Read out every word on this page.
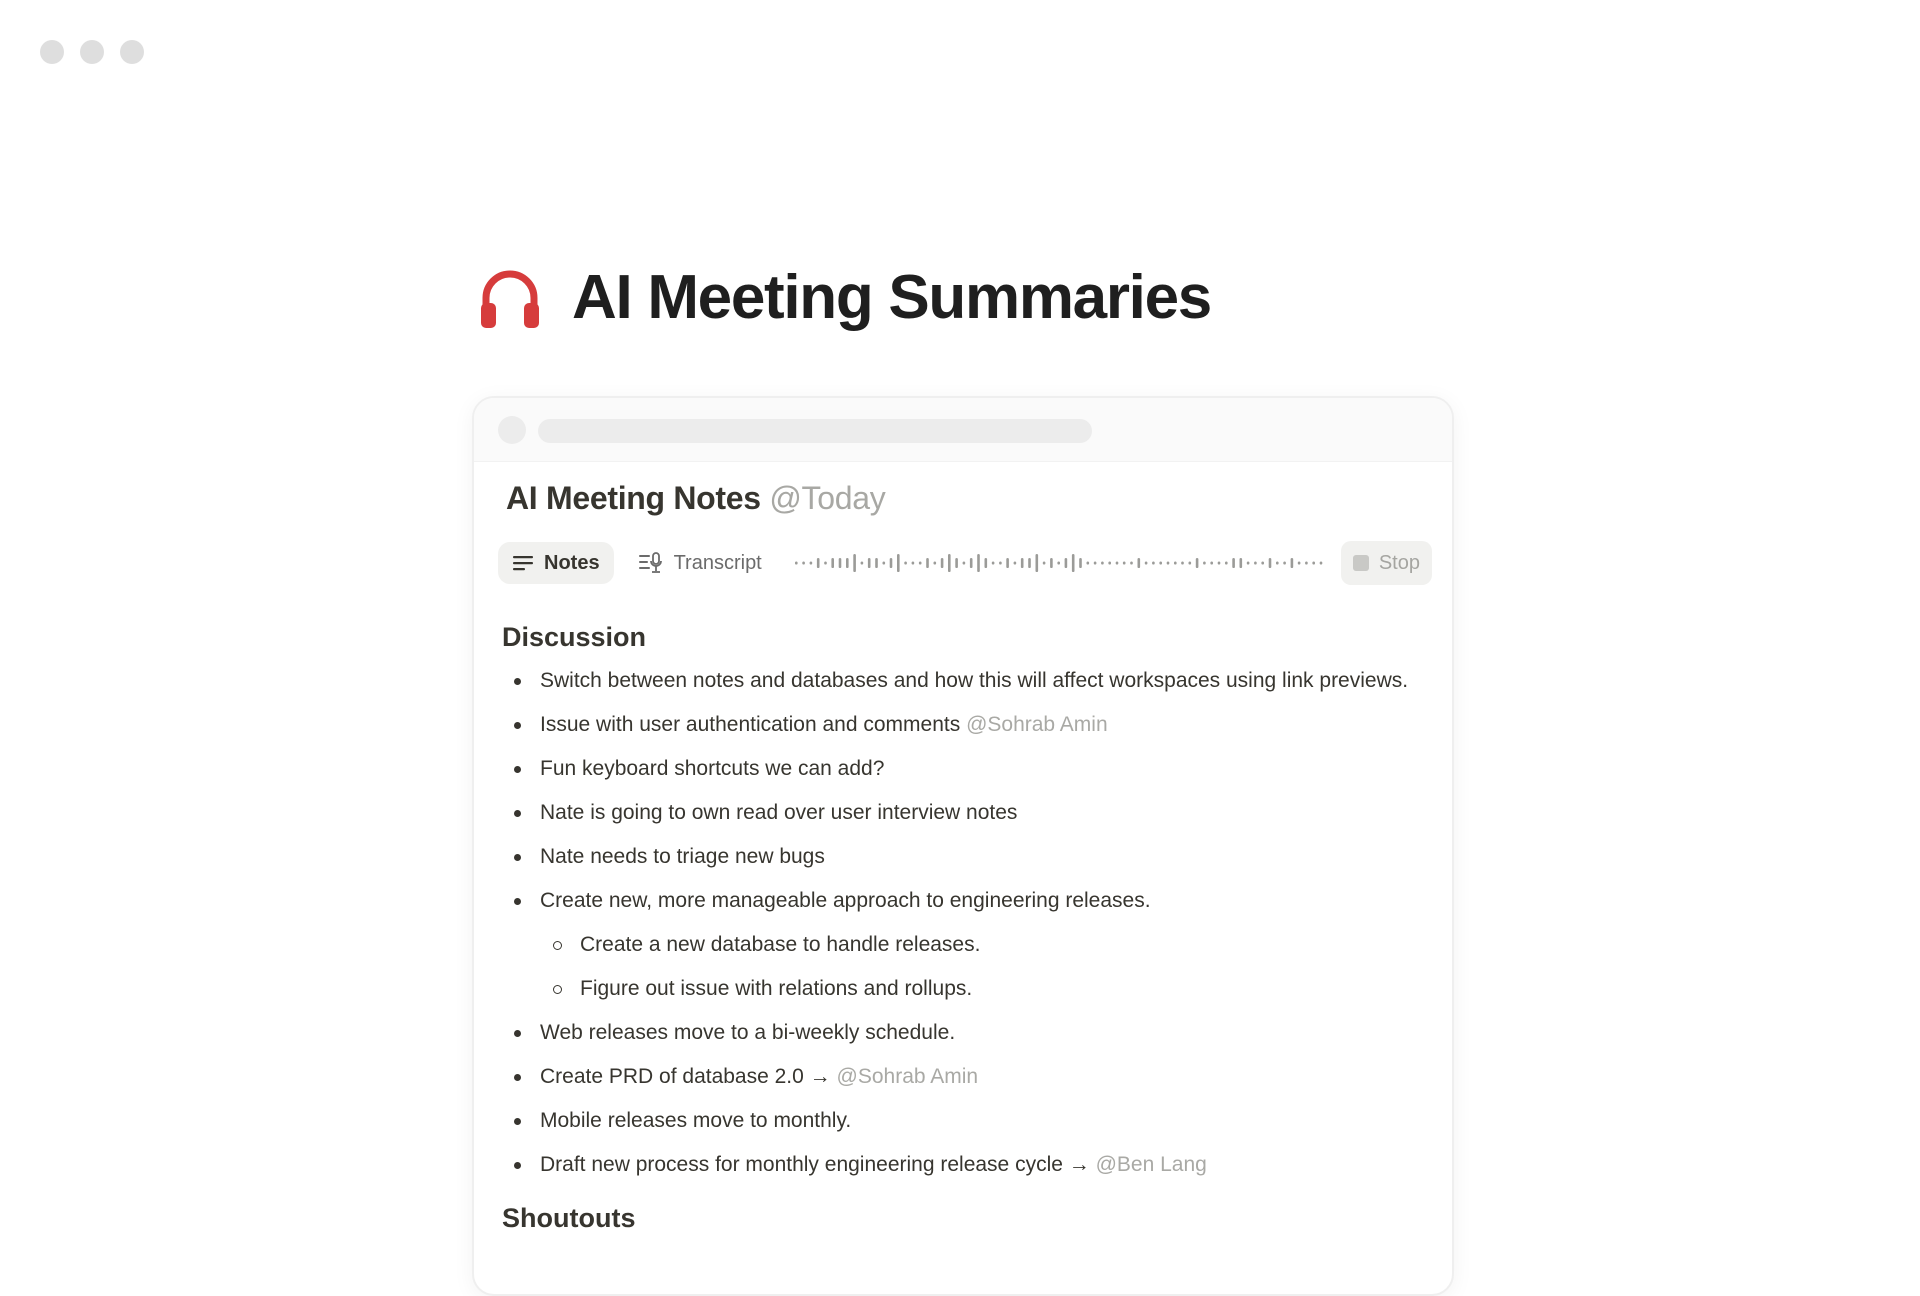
AI Meeting Summaries
AI Meeting Notes @Today
Notes	Transcript	Stop
Discussion
Switch between notes and databases and how this will affect workspaces using link previews.
Issue with user authentication and comments @Sohrab Amin
Fun keyboard shortcuts we can add?
Nate is going to own read over user interview notes
Nate needs to triage new bugs
Create new, more manageable approach to engineering releases.
Create a new database to handle releases.
Figure out issue with relations and rollups.
Web releases move to a bi-weekly schedule.
Create PRD of database 2.0 → @Sohrab Amin
Mobile releases move to monthly.
Draft new process for monthly engineering release cycle → @Ben Lang
Shoutouts
